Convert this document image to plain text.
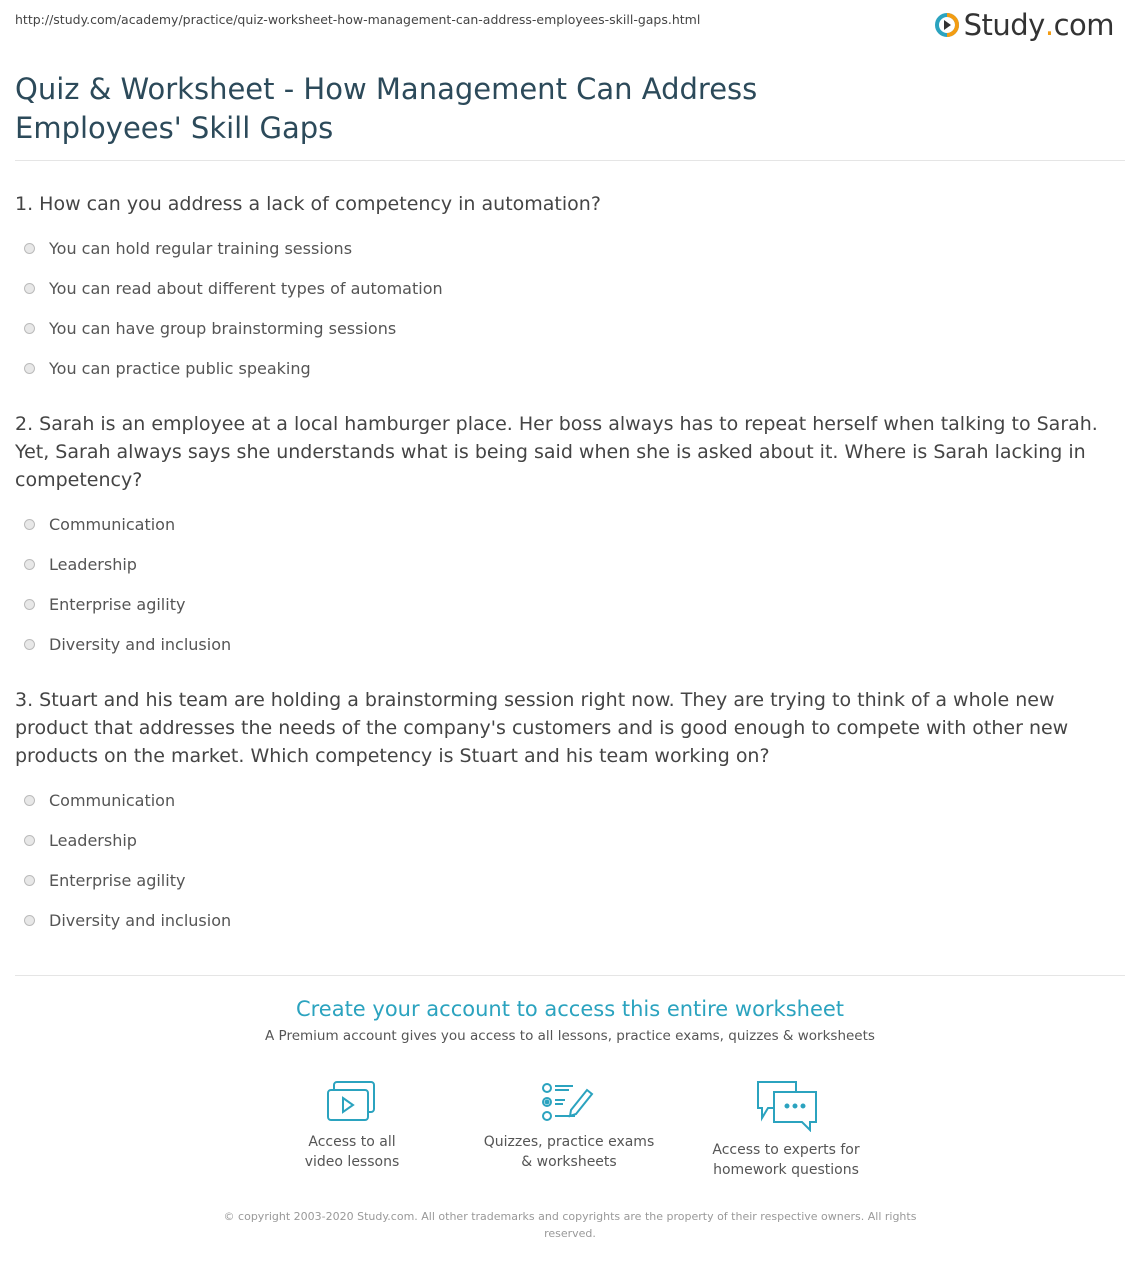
http://study.com/academy/practice/quiz-worksheet-how-management-can-address-employees-skill-gaps.html	Study . com
Quiz & Worksheet - How Management Can Address Employees' Skill Gaps
1. How can you address a lack of competency in automation?
You can hold regular training sessions
You can read about different types of automation
You can have group brainstorming sessions
You can practice public speaking
2. Sarah is an employee at a local hamburger place. Her boss always has to repeat herself when talking to Sarah. Yet, Sarah always says she understands what is being said when she is asked about it. Where is Sarah lacking in competency?
Communication
Leadership
Enterprise agility
Diversity and inclusion
3. Stuart and his team are holding a brainstorming session right now. They are trying to think of a whole new product that addresses the needs of the company's customers and is good enough to compete with other new products on the market. Which competency is Stuart and his team working on?
Communication
Leadership
Enterprise agility
Diversity and inclusion
Create your account to access this entire worksheet
A Premium account gives you access to all lessons, practice exams, quizzes & worksheets
Access to all
video lessons
Quizzes, practice exams
& worksheets
Access to experts for
homework questions
© copyright 2003-2020 Study.com. All other trademarks and copyrights are the property of their respective owners. All rights reserved.
